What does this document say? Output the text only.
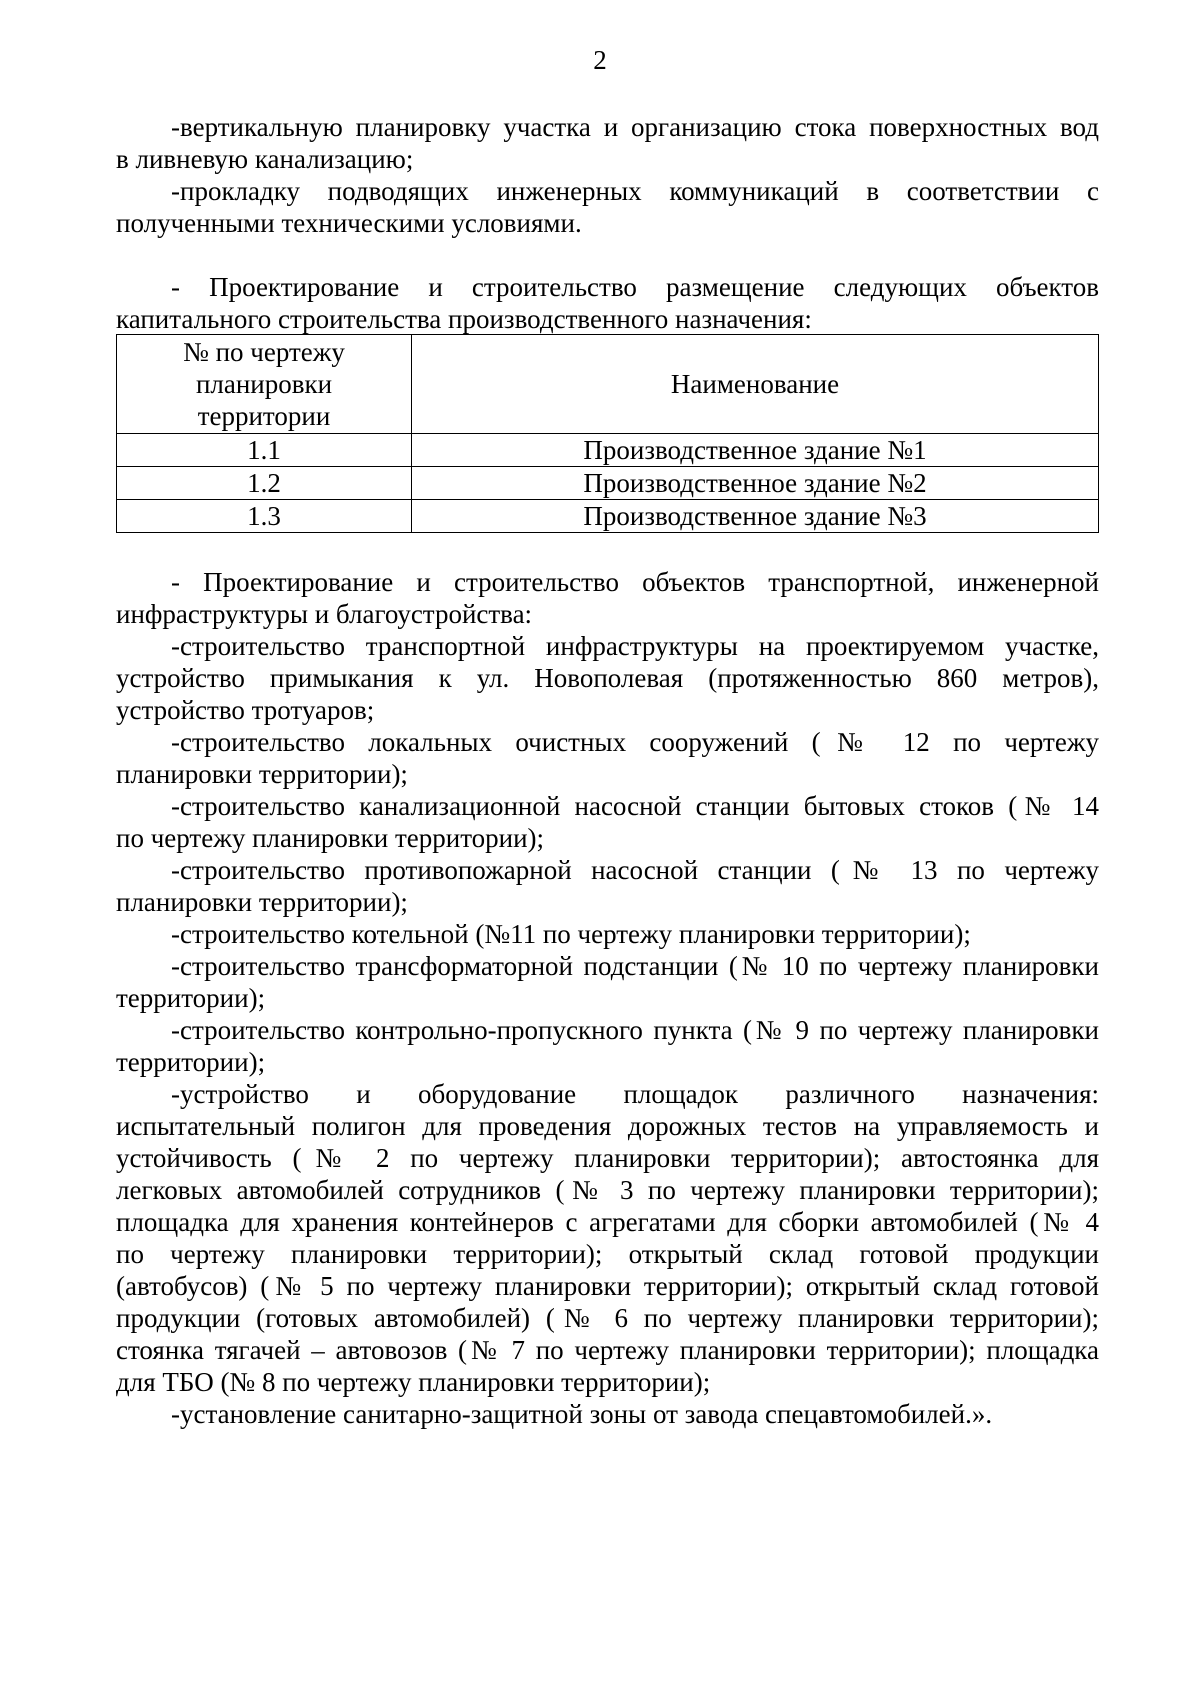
2
-вертикальную планировку участка и организацию стока поверхностных вод
в ливневую канализацию;
-прокладку подводящих инженерных коммуникаций в соответствии с
полученными техническими условиями.
- Проектирование и строительство размещение следующих объектов
капитального строительства производственного назначения:
№ по чертежу
планировки
территории	Наименование
1.1	Производственное здание №1
1.2	Производственное здание №2
1.3	Производственное здание №3
- Проектирование и строительство объектов транспортной, инженерной
инфраструктуры и благоустройства:
-строительство транспортной инфраструктуры на проектируемом участке,
устройство примыкания к ул. Новополевая (протяженностью 860 метров),
устройство тротуаров;
-строительство локальных очистных сооружений (№ 12 по чертежу
планировки территории);
-строительство канализационной насосной станции бытовых стоков (№ 14
по чертежу планировки территории);
-строительство противопожарной насосной станции (№ 13 по чертежу
планировки территории);
-строительство котельной (№11 по чертежу планировки территории);
-строительство трансформаторной подстанции (№ 10 по чертежу планировки
территории);
-строительство контрольно-пропускного пункта (№ 9 по чертежу планировки
территории);
-устройство и оборудование площадок различного назначения:
испытательный полигон для проведения дорожных тестов на управляемость и
устойчивость (№ 2 по чертежу планировки территории); автостоянка для
легковых автомобилей сотрудников (№ 3 по чертежу планировки территории);
площадка для хранения контейнеров с агрегатами для сборки автомобилей (№ 4
по чертежу планировки территории); открытый склад готовой продукции
(автобусов) (№ 5 по чертежу планировки территории); открытый склад готовой
продукции (готовых автомобилей) (№ 6 по чертежу планировки территории);
стоянка тягачей – автовозов (№ 7 по чертежу планировки территории); площадка
для ТБО (№ 8 по чертежу планировки территории);
-установление санитарно-защитной зоны от завода спецавтомобилей.».
